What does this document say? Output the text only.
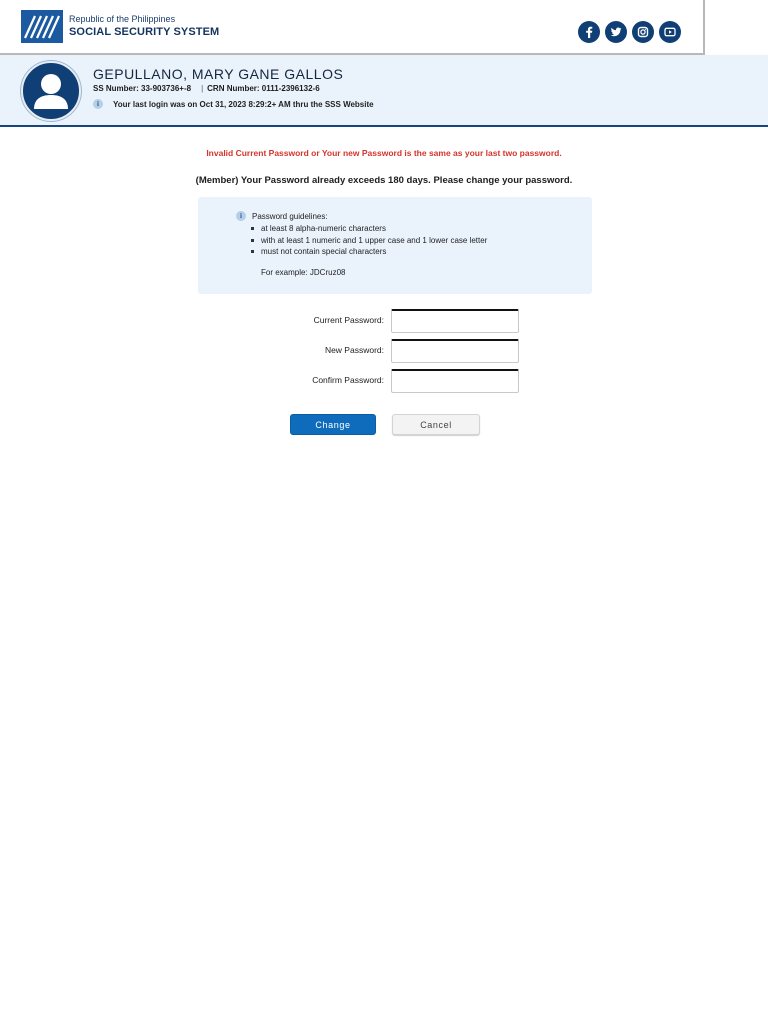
Republic of the Philippines
SOCIAL SECURITY SYSTEM
GEPULLANO, MARY GANE GALLOS
SS Number: 33-903736+-8 | CRN Number: 0111-2396132-6
i	Your last login was on Oct 31, 2023 8:29:2+ AM thru the SSS Website
Invalid Current Password or Your new Password is the same as your last two password.
(Member) Your Password already exceeds 180 days. Please change your password.
i	Password guidelines:
at least 8 alpha-numeric characters
with at least 1 numeric and 1 upper case and 1 lower case letter
must not contain special characters
For example: JDCruz08
Current Password:
New Password:
Confirm Password:
Change	Cancel
